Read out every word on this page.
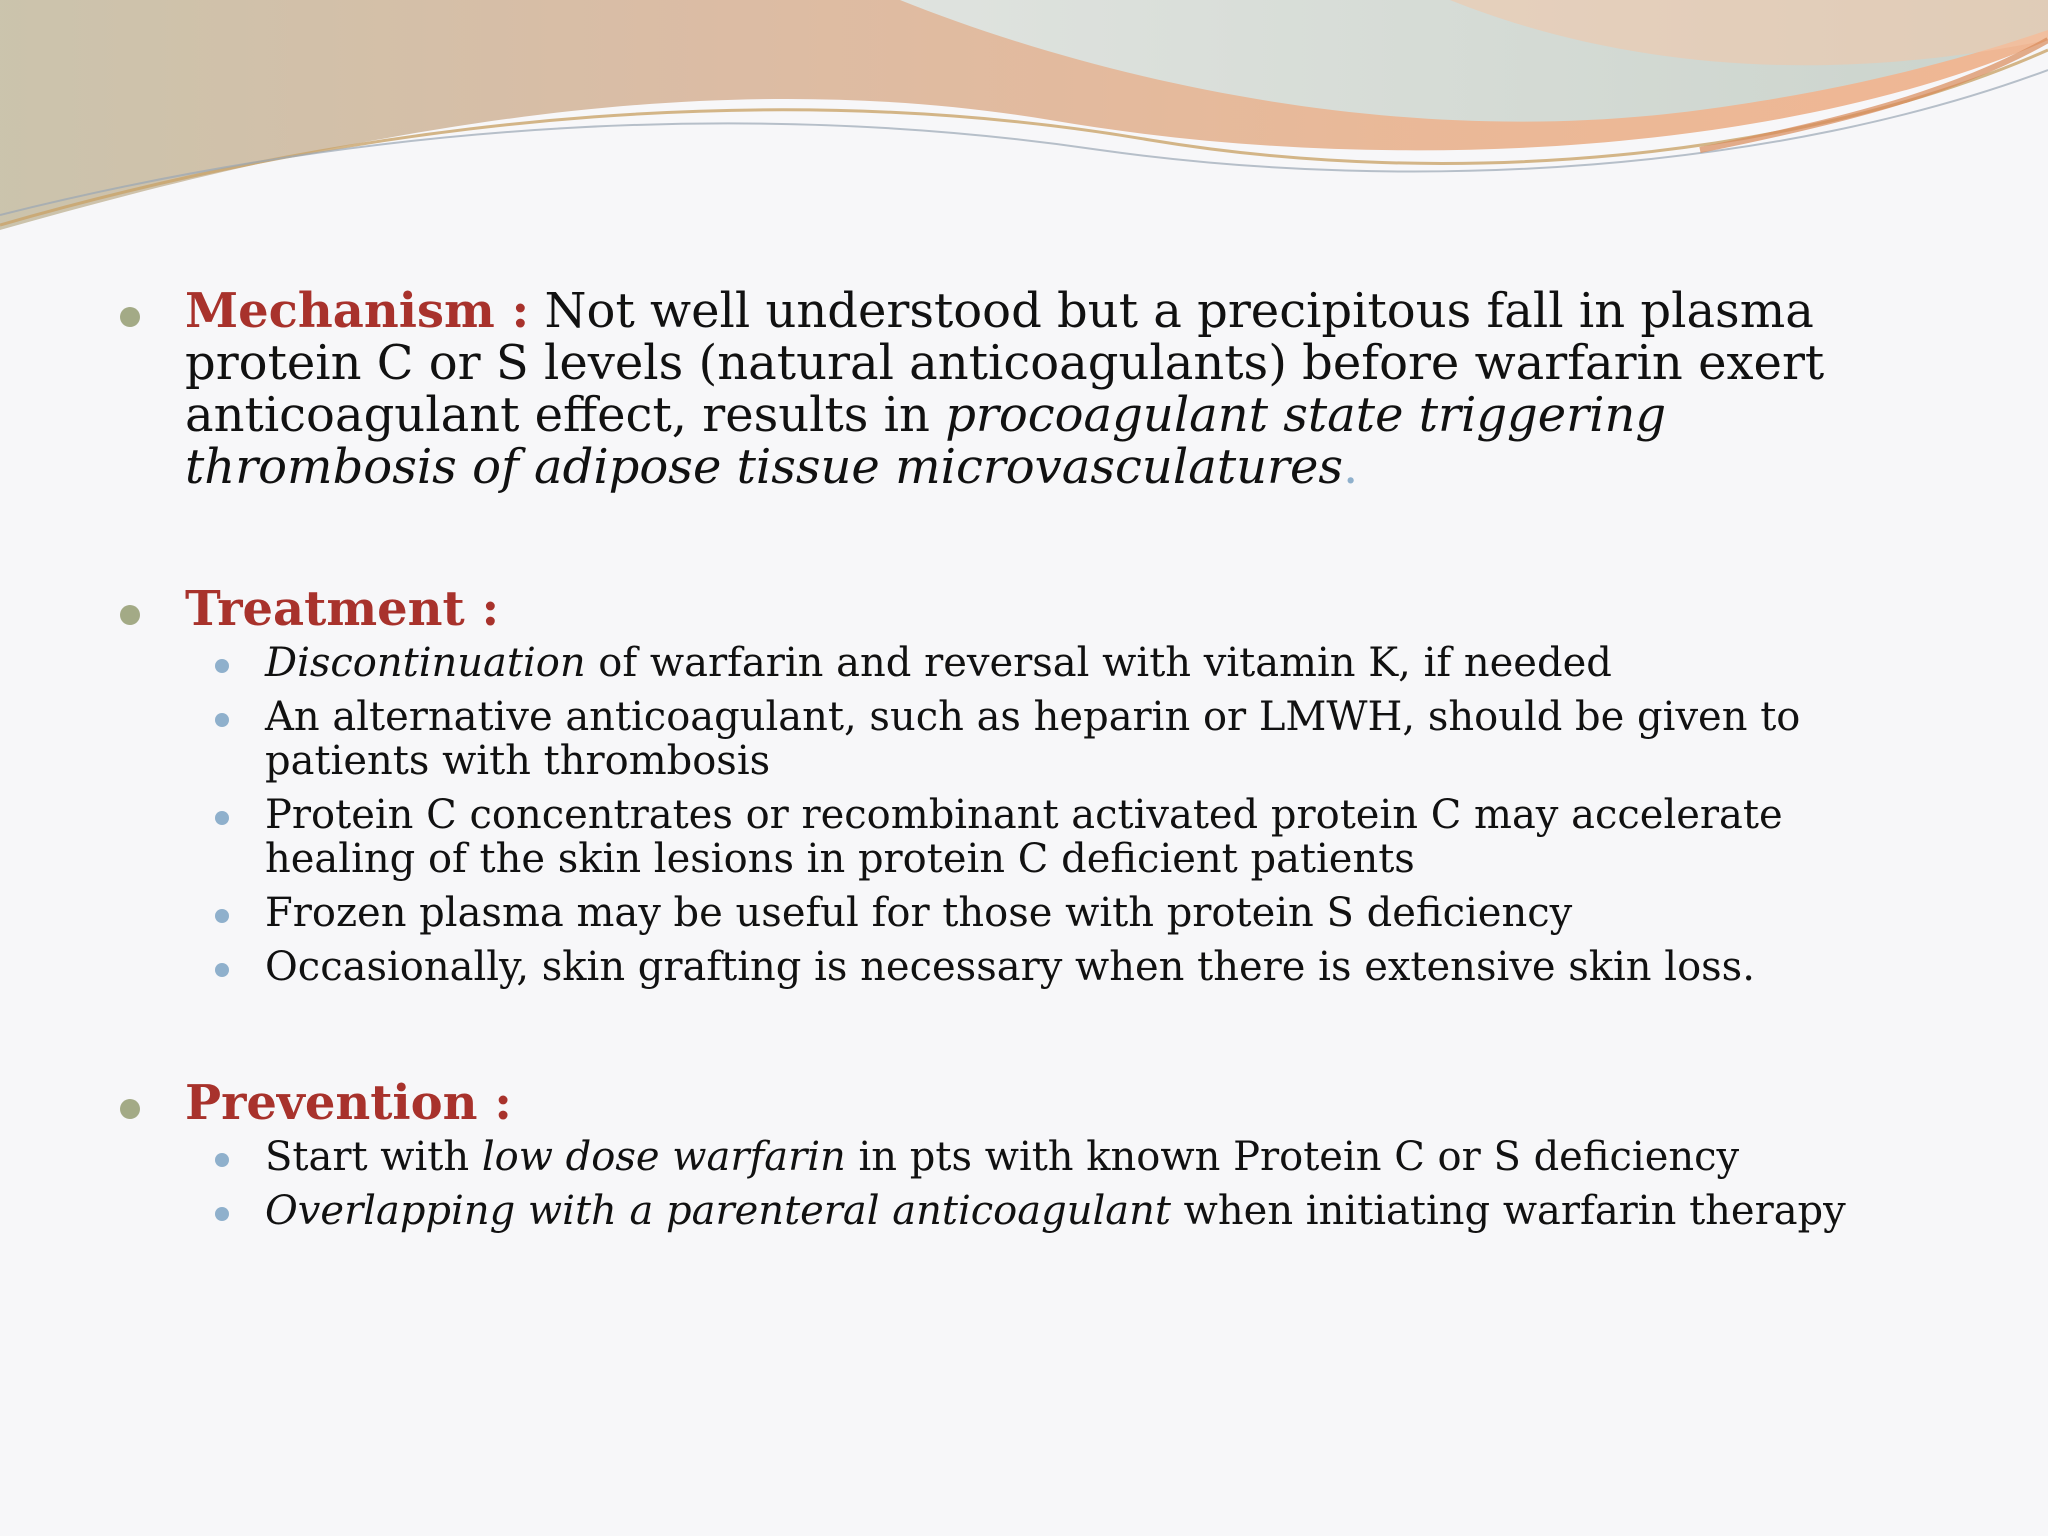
Mechanism : Not well understood but a precipitous fall in plasma protein C or S levels (natural anticoagulants) before warfarin exert anticoagulant effect, results in procoagulant state triggering thrombosis of adipose tissue microvasculatures.
Treatment :
Discontinuation of warfarin and reversal with vitamin K, if needed
An alternative anticoagulant, such as heparin or LMWH, should be given to patients with thrombosis
Protein C concentrates or recombinant activated protein C may accelerate healing of the skin lesions in protein C deficient patients
Frozen plasma may be useful for those with protein S deficiency
Occasionally, skin grafting is necessary when there is extensive skin loss.
Prevention :
Start with low dose warfarin in pts with known Protein C or S deficiency
Overlapping with a parenteral anticoagulant when initiating warfarin therapy
